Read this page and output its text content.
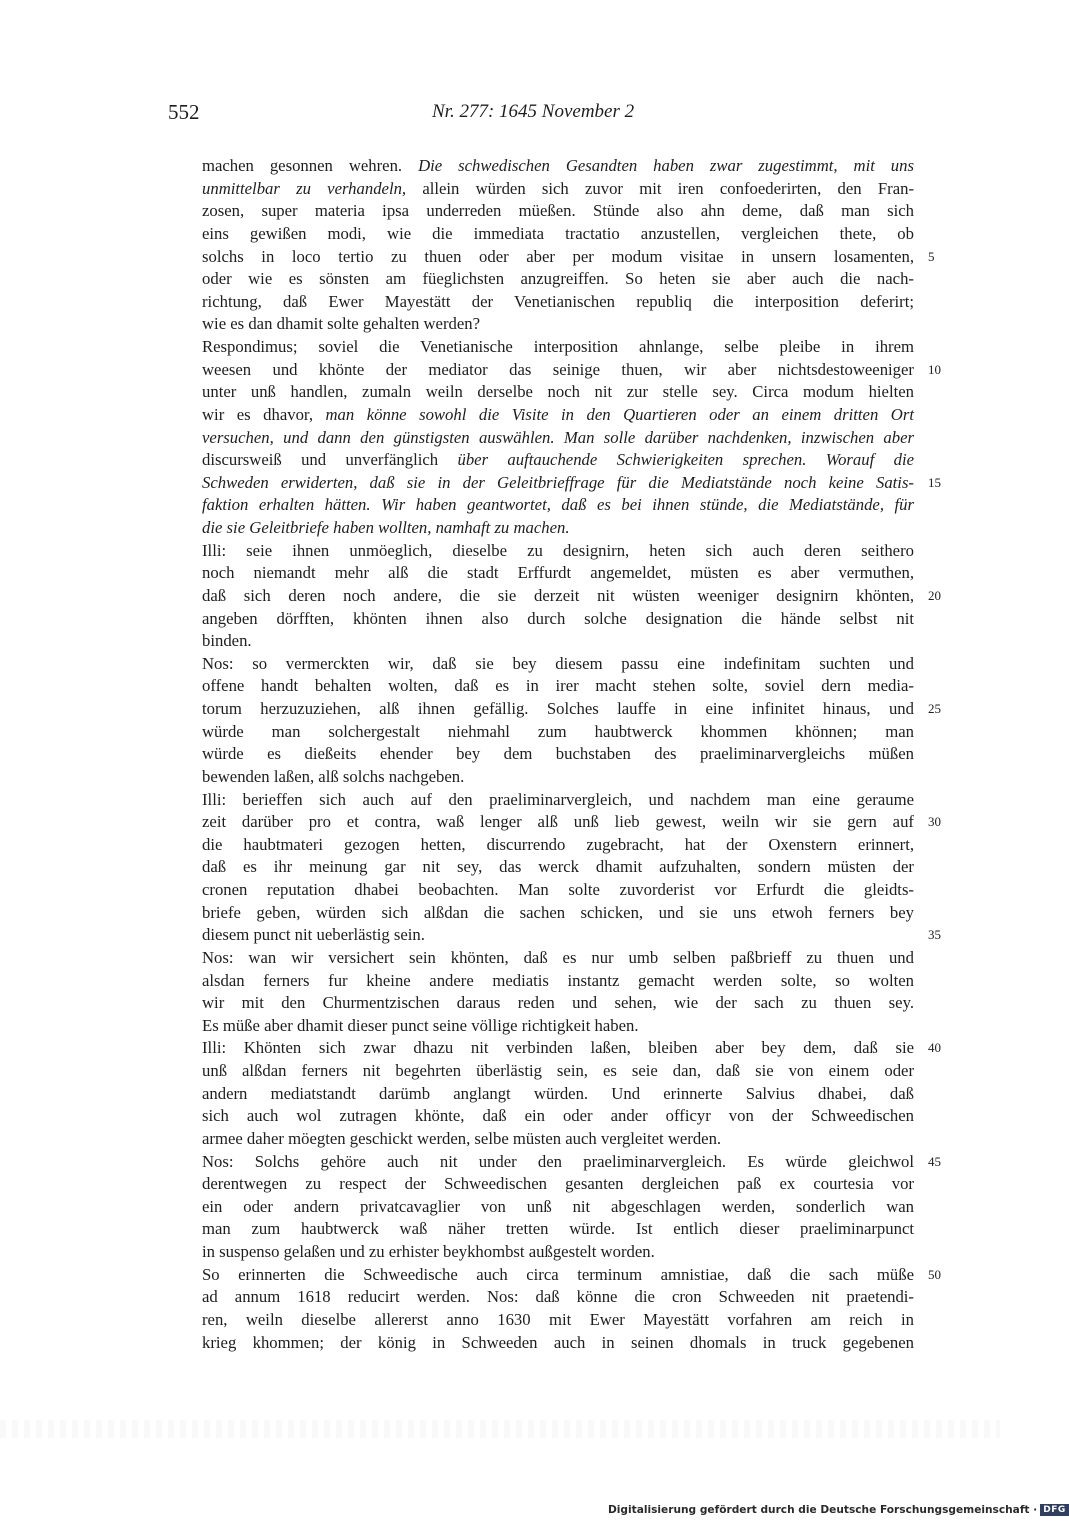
552	Nr. 277: 1645 November 2
machen gesonnen wehren. Die schwedischen Gesandten haben zwar zugestimmt, mit uns
unmittelbar zu verhandeln, allein würden sich zuvor mit iren confoederirten, den Fran-
zosen, super materia ipsa underreden müeßen. Stünde also ahn deme, daß man sich
eins gewißen modi, wie die immediata tractatio anzustellen, vergleichen thete, ob
solchs in loco tertio zu thuen oder aber per modum visitae in unsern losamenten, 5
oder wie es sönsten am füeglichsten anzugreiffen. So heten sie aber auch die nach-
richtung, daß Ewer Mayestätt der Venetianischen republiq die interposition deferirt;
wie es dan dhamit solte gehalten werden?
Respondimus; soviel die Venetianische interposition ahnlange, selbe pleibe in ihrem
weesen und khönte der mediator das seinige thuen, wir aber nichtsdestoweeniger 10
unter unß handlen, zumaln weiln derselbe noch nit zur stelle sey. Circa modum hielten
wir es dhavor, man könne sowohl die Visite in den Quartieren oder an einem dritten Ort
versuchen, und dann den günstigsten auswählen. Man solle darüber nachdenken, inzwischen aber
discursweiß und unverfänglich über auftauchende Schwierigkeiten sprechen. Worauf die
Schweden erwiderten, daß sie in der Geleitbrieffrage für die Mediatstände noch keine Satis- 15
faktion erhalten hätten. Wir haben geantwortet, daß es bei ihnen stünde, die Mediatstände, für
die sie Geleitbriefe haben wollten, namhaft zu machen.
Illi: seie ihnen unmöeglich, dieselbe zu designirn, heten sich auch deren seithero
noch niemandt mehr alß die stadt Erffurdt angemeldet, müsten es aber vermuthen,
daß sich deren noch andere, die sie derzeit nit wüsten weeniger designirn khönten, 20
angeben dörfften, khönten ihnen also durch solche designation die hände selbst nit
binden.
Nos: so vermerckten wir, daß sie bey diesem passu eine indefinitam suchten und
offene handt behalten wolten, daß es in irer macht stehen solte, soviel dern media-
torum herzuzuziehen, alß ihnen gefällig. Solches lauffe in eine infinitet hinaus, und 25
würde man solchergestalt niehmahl zum haubtwerck khommen khönnen; man
würde es dießeits ehender bey dem buchstaben des praeliminarvergleichs müßen
bewenden laßen, alß solchs nachgeben.
Illi: berieffen sich auch auf den praeliminarvergleich, und nachdem man eine geraume
zeit darüber pro et contra, waß lenger alß unß lieb gewest, weiln wir sie gern auf 30
die haubtmateri gezogen hetten, discurrendo zugebracht, hat der Oxenstern erinnert,
daß es ihr meinung gar nit sey, das werck dhamit aufzuhalten, sondern müsten der
cronen reputation dhabei beobachten. Man solte zuvorderist vor Erfurdt die gleidts-
briefe geben, würden sich alßdan die sachen schicken, und sie uns etwoh ferners bey
diesem punct nit ueberlästig sein.	35
Nos: wan wir versichert sein khönten, daß es nur umb selben paßbrieff zu thuen und
alsdan ferners fur kheine andere mediatis instantz gemacht werden solte, so wolten
wir mit den Churmentzischen daraus reden und sehen, wie der sach zu thuen sey.
Es müße aber dhamit dieser punct seine völlige richtigkeit haben.
Illi: Khönten sich zwar dhazu nit verbinden laßen, bleiben aber bey dem, daß sie 40
unß alßdan ferners nit begehrten überlästig sein, es seie dan, daß sie von einem oder
andern mediatstandt darümb anglangt würden. Und erinnerte Salvius dhabei, daß
sich auch wol zutragen khönte, daß ein oder ander officyr von der Schweedischen
armee daher möegten geschickt werden, selbe müsten auch vergleitet werden.
Nos: Solchs gehöre auch nit under den praeliminarvergleich. Es würde gleichwol 45
derentwegen zu respect der Schweedischen gesanten dergleichen paß ex courtesia vor
ein oder andern privatcavaglier von unß nit abgeschlagen werden, sonderlich wan
man zum haubtwerck waß näher tretten würde. Ist entlich dieser praeliminarpunct
in suspenso gelaßen und zu erhister beykhombst außgestelt worden.
So erinnerten die Schweedische auch circa terminum amnistiae, daß die sach müße 50
ad annum 1618 reducirt werden. Nos: daß könne die cron Schweeden nit praetendi-
ren, weiln dieselbe allererst anno 1630 mit Ewer Mayestätt vorfahren am reich in
krieg khommen; der könig in Schweeden auch in seinen dhomals in truck gegebenen
Digitalisierung gefördert durch die Deutsche Forschungsgemeinschaft · DFG
